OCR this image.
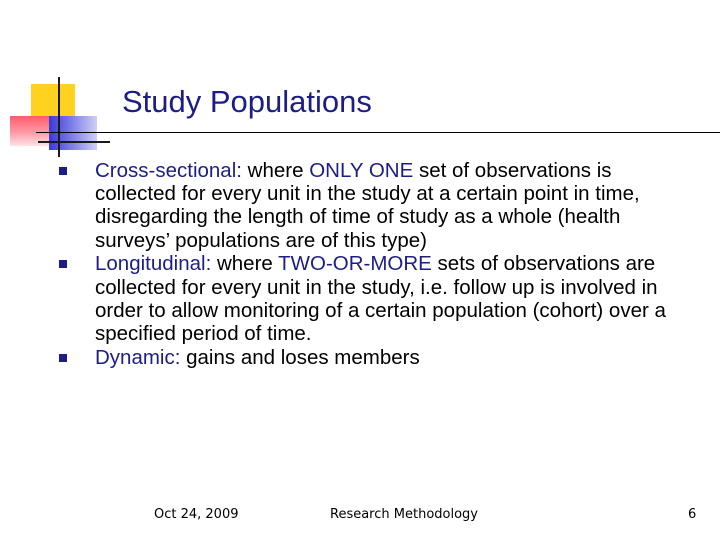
Study Populations
Cross-sectional: where ONLY ONE set of observations is collected for every unit in the study at a certain point in time, disregarding the length of time of study as a whole (health surveys’ populations are of this type)
Longitudinal: where TWO-OR-MORE sets of observations are collected for every unit in the study, i.e. follow up is involved in order to allow monitoring of a certain population (cohort) over a specified period of time.
Dynamic: gains and loses members
Oct 24, 2009	Research Methodology	6
